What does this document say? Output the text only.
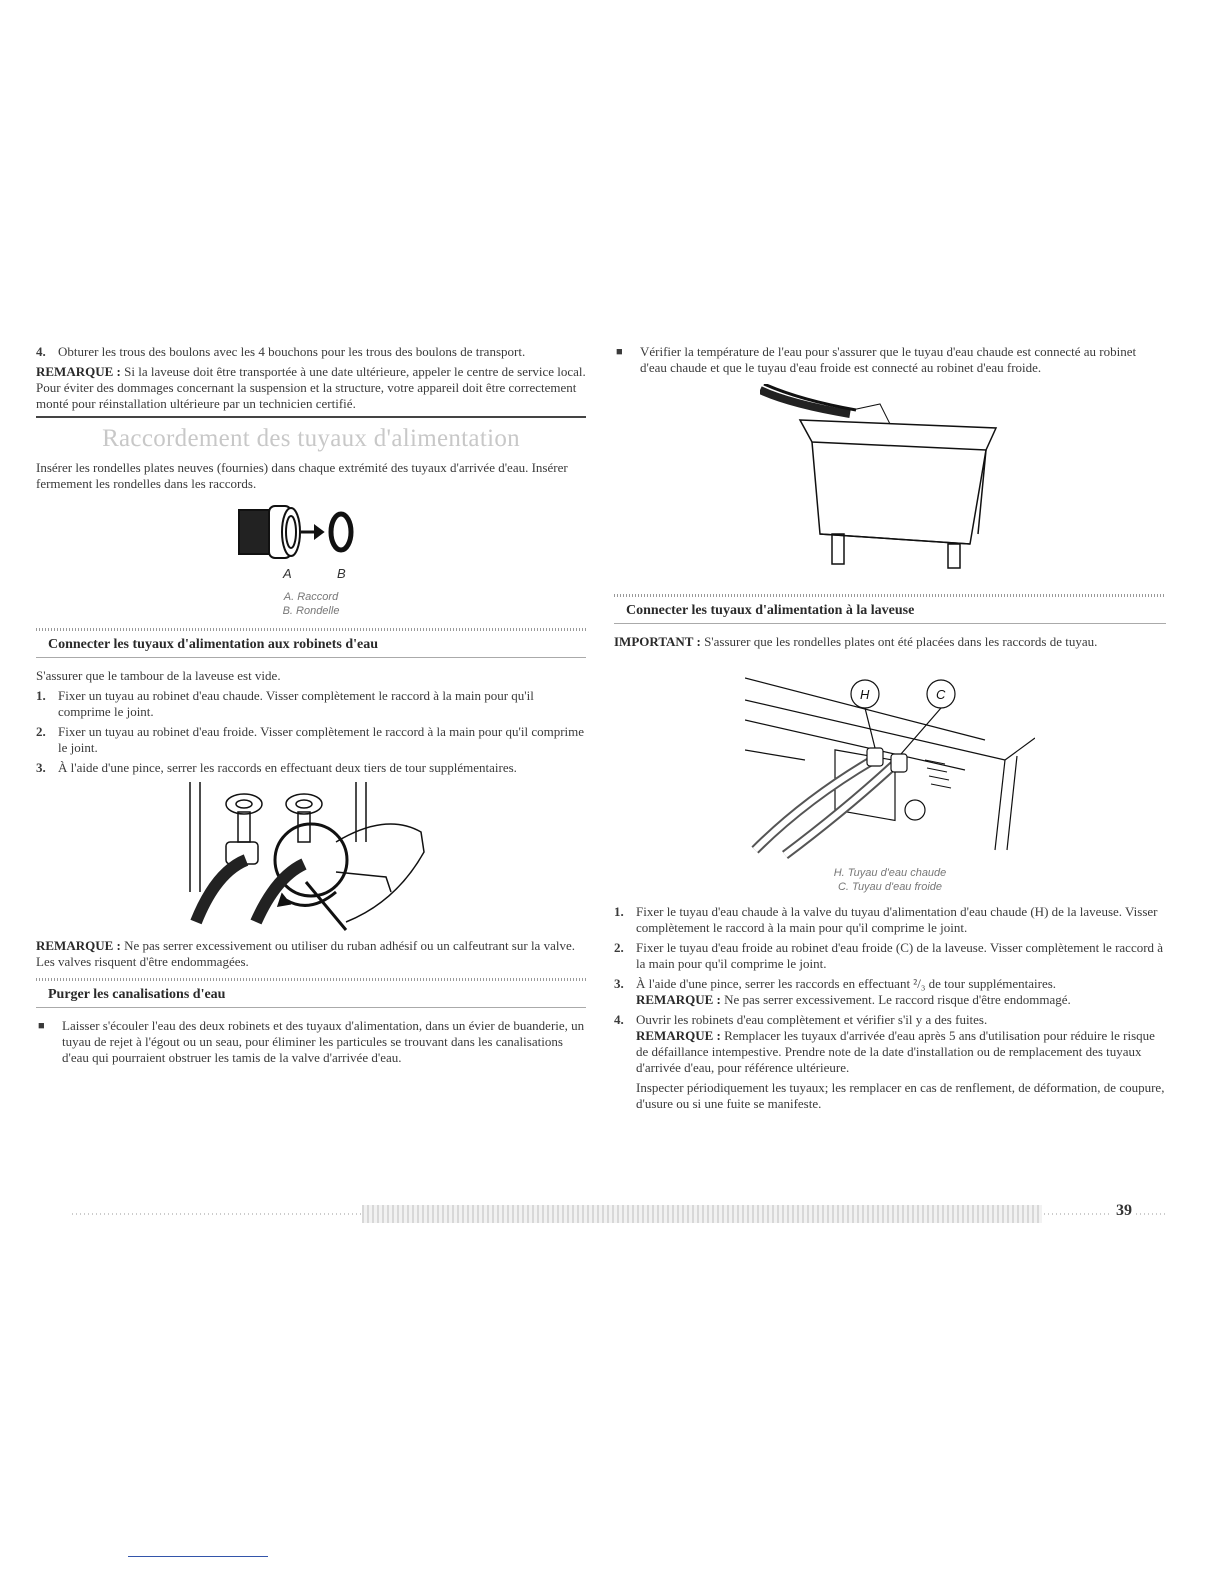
4. Obturer les trous des boulons avec les 4 bouchons pour les trous des boulons de transport.

REMARQUE : Si la laveuse doit être transportée à une date ultérieure, appeler le centre de service local. Pour éviter des dommages concernant la suspension et la structure, votre appareil doit être correctement monté pour réinstallation ultérieure par un technicien certifié.

Raccordement des tuyaux d'alimentation

Insérer les rondelles plates neuves (fournies) dans chaque extrémité des tuyaux d'arrivée d'eau. Insérer fermement les rondelles dans les raccords.

A	B
A. Raccord
B. Rondelle
Connecter les tuyaux d'alimentation aux robinets d'eau

S'assurer que le tambour de la laveuse est vide.

1. Fixer un tuyau au robinet d'eau chaude. Visser complètement le raccord à la main pour qu'il comprime le joint.
2. Fixer un tuyau au robinet d'eau froide. Visser complètement le raccord à la main pour qu'il comprime le joint.
3. À l'aide d'une pince, serrer les raccords en effectuant deux tiers de tour supplémentaires.

REMARQUE : Ne pas serrer excessivement ou utiliser du ruban adhésif ou un calfeutrant sur la valve. Les valves risquent d'être endommagées.

Purger les canalisations d'eau
■	Laisser s'écouler l'eau des deux robinets et des tuyaux d'alimentation, dans un évier de buanderie, un tuyau de rejet à l'égout ou un seau, pour éliminer les particules se trouvant dans les canalisations d'eau qui pourraient obstruer les tamis de la valve d'arrivée d'eau.
■	Vérifier la température de l'eau pour s'assurer que le tuyau d'eau chaude est connecté au robinet d'eau chaude et que le tuyau d'eau froide est connecté au robinet d'eau froide.
Connecter les tuyaux d'alimentation à la laveuse

IMPORTANT : S'assurer que les rondelles plates ont été placées dans les raccords de tuyau.

H	C
H. Tuyau d'eau chaude
C. Tuyau d'eau froide
1. Fixer le tuyau d'eau chaude à la valve du tuyau d'alimentation d'eau chaude (H) de la laveuse. Visser complètement le raccord à la main pour qu'il comprime le joint.
2. Fixer le tuyau d'eau froide au robinet d'eau froide (C) de la laveuse. Visser complètement le raccord à la main pour qu'il comprime le joint.
3. À l'aide d'une pince, serrer les raccords en effectuant ²/₃ de tour supplémentaires.

REMARQUE : Ne pas serrer excessivement. Le raccord risque d'être endommagé.

4. Ouvrir les robinets d'eau complètement et vérifier s'il y a des fuites.

REMARQUE : Remplacer les tuyaux d'arrivée d'eau après 5 ans d'utilisation pour réduire le risque de défaillance intempestive. Prendre note de la date d'installation ou de remplacement des tuyaux d'arrivée d'eau, pour référence ultérieure.

Inspecter périodiquement les tuyaux; les remplacer en cas de renflement, de déformation, de coupure, d'usure ou si une fuite se manifeste.

39
